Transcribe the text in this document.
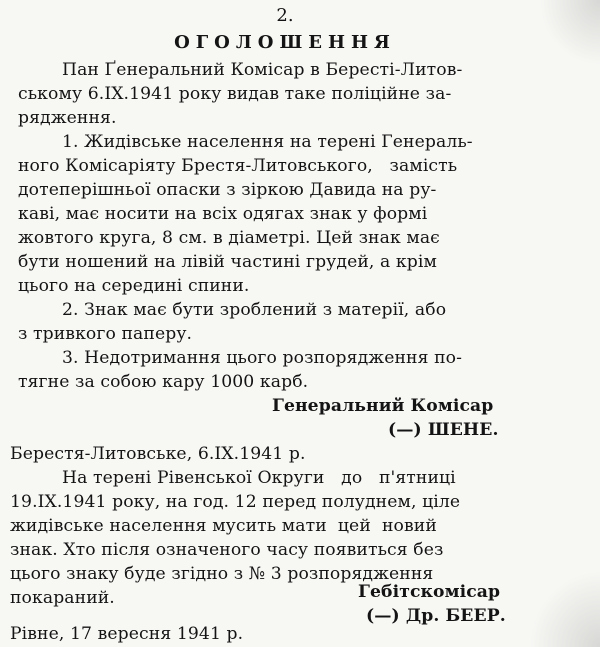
2.
ОГОЛОШЕННЯ
Пан Ґенеральний Комісар в Бересті-Литов-
ському 6.IX.1941 року видав таке поліційне за-
рядження.
1. Жидівське населення на терені Генераль-
ного Комісаріяту Брестя-Литовського,   замість
дотеперішньої опаски з зіркою Давида на ру-
каві, має носити на всіх одягах знак у формі
жовтого круга, 8 см. в діаметрі. Цей знак має
бути ношений на лівій частині грудей, а крім
цього на середині спини.
2. Знак має бути зроблений з матерії, або
з тривкого паперу.
3. Недотримання цього розпорядження по-
тягне за собою кару 1000 карб.
Генеральний Комісар
(—) ШЕНЕ.
Берестя-Литовське, 6.IX.1941 р.
На терені Рівенської Округи   до   п'ятниці
19.IX.1941 року, на год. 12 перед полуднем, ціле
жидівське населення мусить мати  цей  новий
знак. Хто після означеного часу появиться без
цього знаку буде згідно з № 3 розпорядження
покараний.	Гебітскомісар
(—) Др. БЕЕР.
Рівне, 17 вересня 1941 р.
